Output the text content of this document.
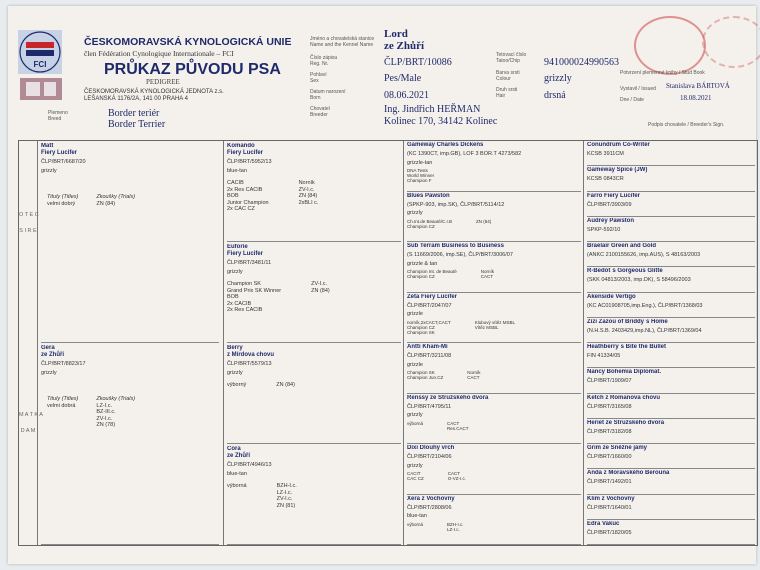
FCI
ČESKOMORAVSKÁ KYNOLOGICKÁ UNIE
člen Fédération Cynologique Internationale – FCI
PRŮKAZ PŮVODU PSA
PEDIGREE
ČESKOMORAVSKÁ KYNOLOGICKÁ JEDNOTA z.s.
LEŠANSKÁ 1176/2A, 141 00 PRAHA 4
Plemeno
Breed	Border teriér
Border Terrier
Jméno a chovatelská stanice
Name and the Kennel Name
Lord
ze Zhůří
Číslo zápisu
Reg. Nr.	ČLP/BRT/10086
Pohlaví
Sex	Pes/Male
Datum narození
Born	08.06.2021
Chovatel
Breeder	Ing. Jindřich HEŘMAN
Kolinec 170, 34142 Kolinec
Tetovací číslo
Tatoo/Chip	941000024990563
Barva srsti
Colour	grizzly
Druh srsti
Hair	drsná
Potvrzení plemenné knihy / Stud Book
Vystavil / Issued Stanislava BÁRTOVÁ
Dne / Date	18.08.2021
Podpis chovatele / Breeder's Sign.
O T E C

S I R E
M A T K A

D A M
Matt
Fiery Lucifer
ČLP/BRT/6687/20
grizzly
Tituly (Titles)
velmi dobrý
Zkoušky (Trials)
ZN (84)
Gera
ze Zhůří
ČLP/BRT/8823/17
grizzly
Tituly (Titles)
velmi dobrá
Zkoušky (Trials)
LZ-I.c.
BZ-III.c.
ZV-I.c.
ZN (78)
Komando
Fiery Lucifer
ČLP/BRT/5952/13
blue-tan
CACIB
2x Res CACIB
BOB
Junior Champion
2x CAC CZ
Norník
ZV-I.c.
ZN (84)
2xBLI c.
Euforie
Fiery Lucifer
ČLP/BRT/3481/11
grizzly
Champion SK
Grand Prix SK Winner
BOB
2x CACIB
2x Res CACIB
ZV-I.c.
ZN (84)
Berry
z Mírdova chovu
ČLP/BRT/5579/13
grizzly
výborný	ZN (84)
Cora
ze Zhůří
ČLP/BRT/4946/13
blue-tan
výborná	BZH-I.c.
LZ-I.c.
ZV-I.c.
ZN (81)
Gameway Charles Dickens
(KC 1390CT, imp.GB), LOF 3 BOR.T 4273/582
grizzle-tan
DNA Tests
World Winner
Champion F
Blues Pawston
(SPKP-903, imp.SK), ČLP/BRT/5114/12
grizzly
Ch.Int.de Beauté/C.I.B
Champion CZ
ZN (84)
Sub Terram Business to Business
(S 11669/2006, imp.SE), ČLP/BRT/3006/07
grizzle & tan
Champion Int. de Beauté
Champion CZ
Norník
CACT
Zeta Fiery Lucifer
ČLP/BRT/2047/07
grizzle
norník,2xCACT,CACT
Champion CZ
Champion SK
Klubový vítěz MSBL
Vítěz MSBL
Antti Kham-Mi
ČLP/BRT/3211/08
grizzle
Champion SK
Champion Jun.CZ
Norník
CACT
Renssy ze Stružského dvora
ČLP/BRT/4795/11
grizzly
výborná	CACT
Res.CACT
Dixi Dlouhý vrch
ČLP/BRT/2104/06
grizzly
CACIT
CAC CZ
CACT
O-VZ-I.c.
Xera z Vochovny
ČLP/BRT/2808/06
blue-tan
výborná	BZH-I.c.
LZ-I.c.
Conundrum Co-Writer
KCSB 3911CM
Gameway Spice (JW)
KCSB 0843CR
Farro Fiery Lucifer
ČLP/BRT/3903/09
Audrey Pawston
SPKP-592/10
Braelair Green and Gold
(ANKC 2100155626, imp.AUS), S 48163/2003
R-Bedot´s Gorgeous Glitte
(SKK 04813/2003, imp.DK), S 58496/2003
Akenside Vertigo
(KC AC01908705,imp.Eng.), ČLP/BRT/1368/03
Zizi Zazou of Briddy´s Home
(N.H.S.B. 2403429,imp.NL), ČLP/BRT/1369/04
Heathberry´s Bite the Bullet
FIN 41334/05
Nancy Bohemia Diplomat.
ČLP/BRT/1909/07
Ketch z Romanova chovu
ČLP/BRT/3165/08
Heriet ze Stružského dvora
ČLP/BRT/3182/08
Grim ze Sněžné jámy
ČLP/BRT/1660/00
Anda z Moravského Berouna
ČLP/BRT/1492/01
Klim z Vochovny
ČLP/BRT/1640/01
Edra Vakuc
ČLP/BRT/1820/05
